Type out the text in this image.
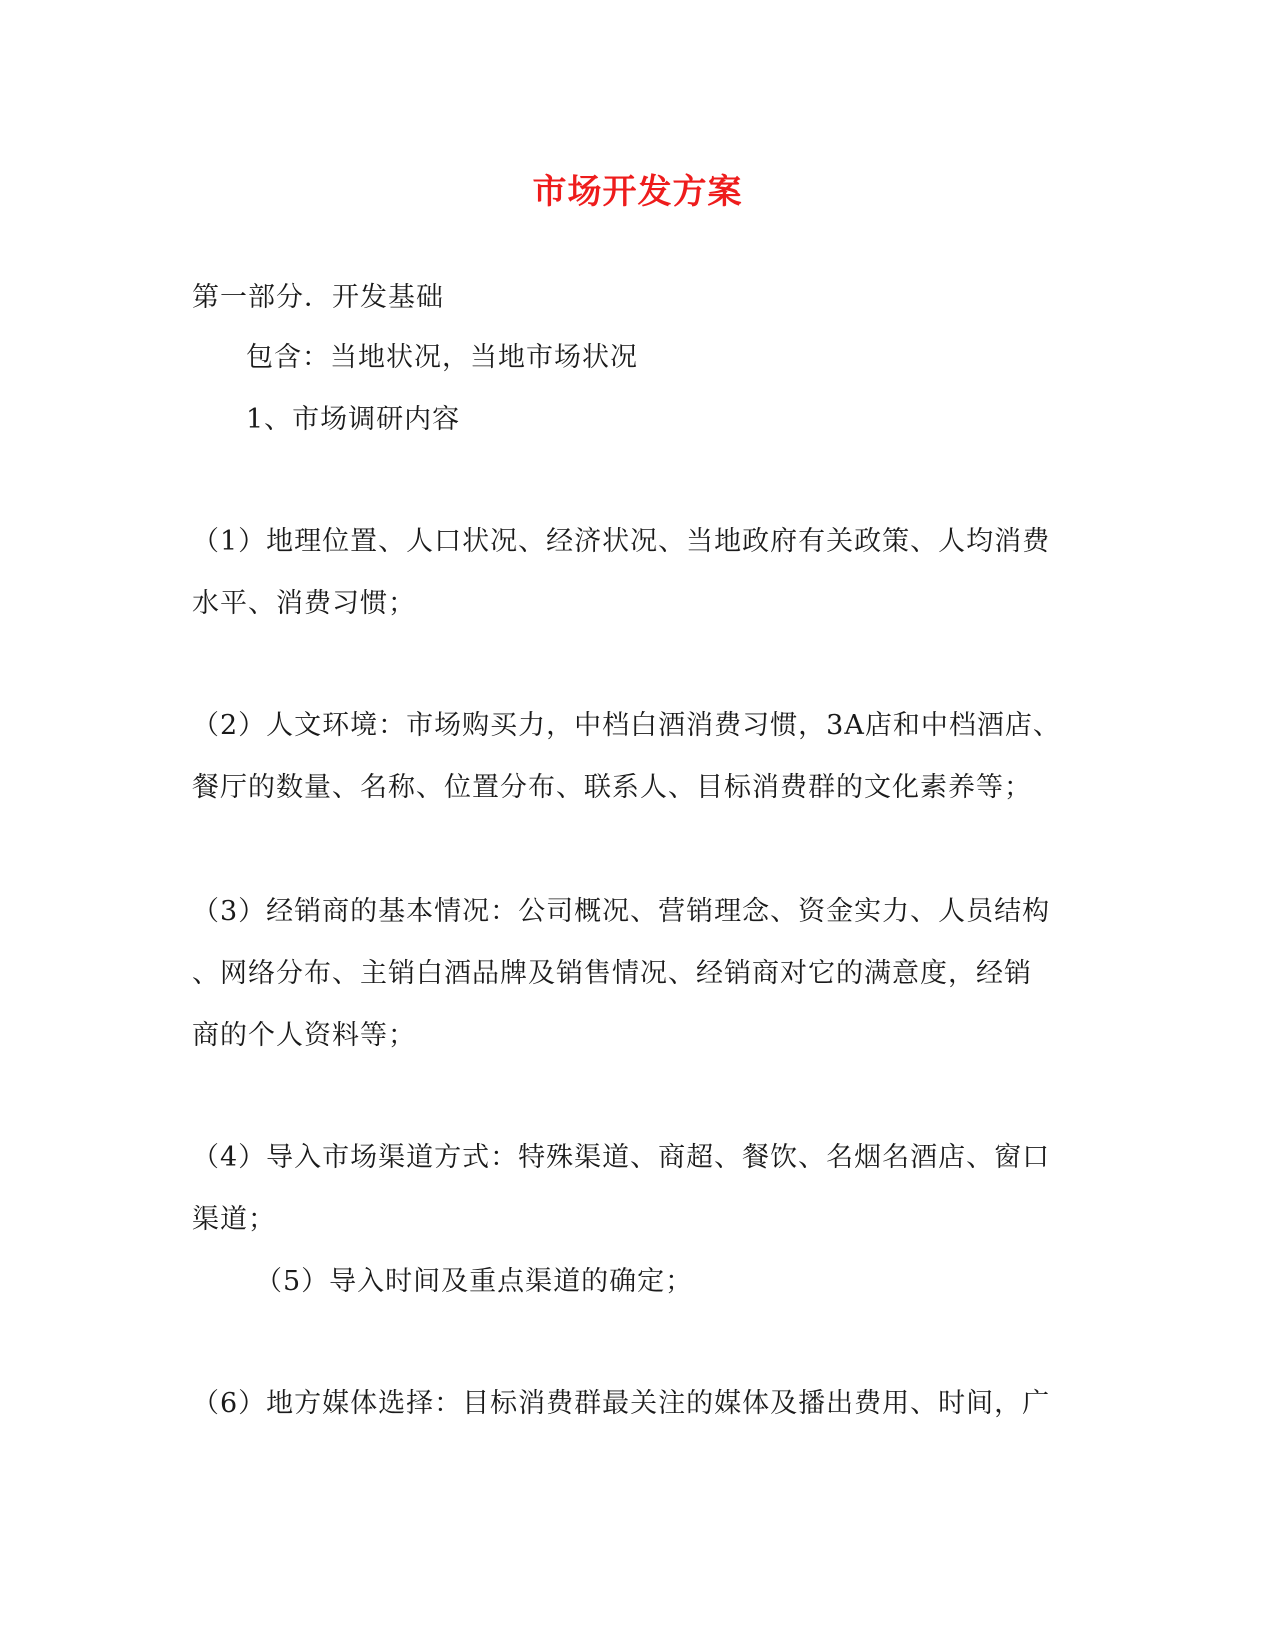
市场开发方案
第一部分．开发基础
包含：当地状况，当地市场状况
1、市场调研内容
（1）地理位置、人口状况、经济状况、当地政府有关政策、人均消费
水平、消费习惯；
（2）人文环境：市场购买力，中档白酒消费习惯，3A店和中档酒店、
餐厅的数量、名称、位置分布、联系人、目标消费群的文化素养等；
（3）经销商的基本情况：公司概况、营销理念、资金实力、人员结构
、网络分布、主销白酒品牌及销售情况、经销商对它的满意度，经销
商的个人资料等；
（4）导入市场渠道方式：特殊渠道、商超、餐饮、名烟名酒店、窗口
渠道；
（5）导入时间及重点渠道的确定；
（6）地方媒体选择：目标消费群最关注的媒体及播出费用、时间，广
